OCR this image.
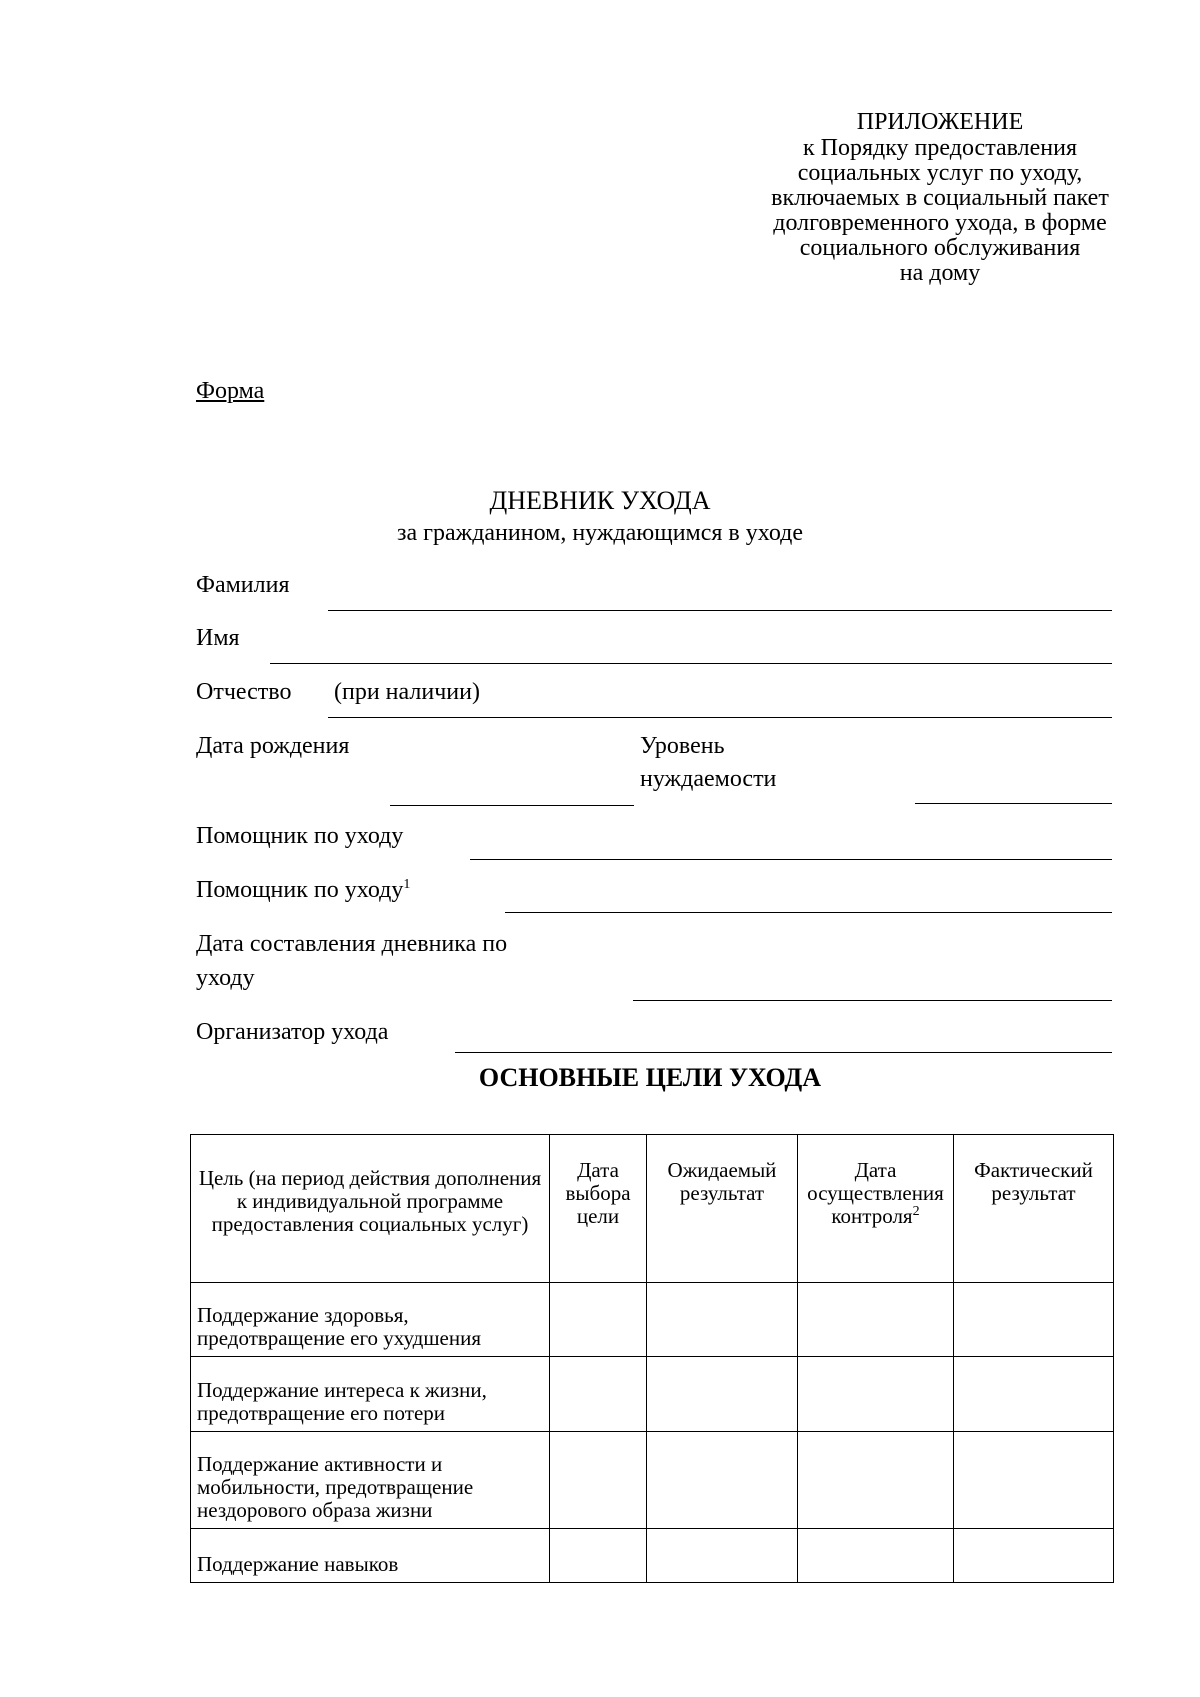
ПРИЛОЖЕНИЕ
к Порядку предоставления
социальных услуг по уходу,
включаемых в социальный пакет
долговременного ухода, в форме
социального обслуживания
на дому
Форма
ДНЕВНИК УХОДА
за гражданином, нуждающимся в уходе
Фамилия
Имя
Отчество (при наличии)
Дата рождения	Уровень
нуждаемости
Помощник по уходу
Помощник по уходу$^1$
Дата составления дневника по
уходу
Организатор ухода
ОСНОВНЫЕ ЦЕЛИ УХОДА
Цель (на период действия дополнения к индивидуальной программе предоставления социальных услуг)	Дата выбора цели	Ожидаемый результат	Дата осуществления контроля$^2$	Фактический результат
Поддержание здоровья, предотвращение его ухудшения				
Поддержание интереса к жизни, предотвращение его потери				
Поддержание активности и мобильности, предотвращение нездорового образа жизни				
Поддержание навыков				
